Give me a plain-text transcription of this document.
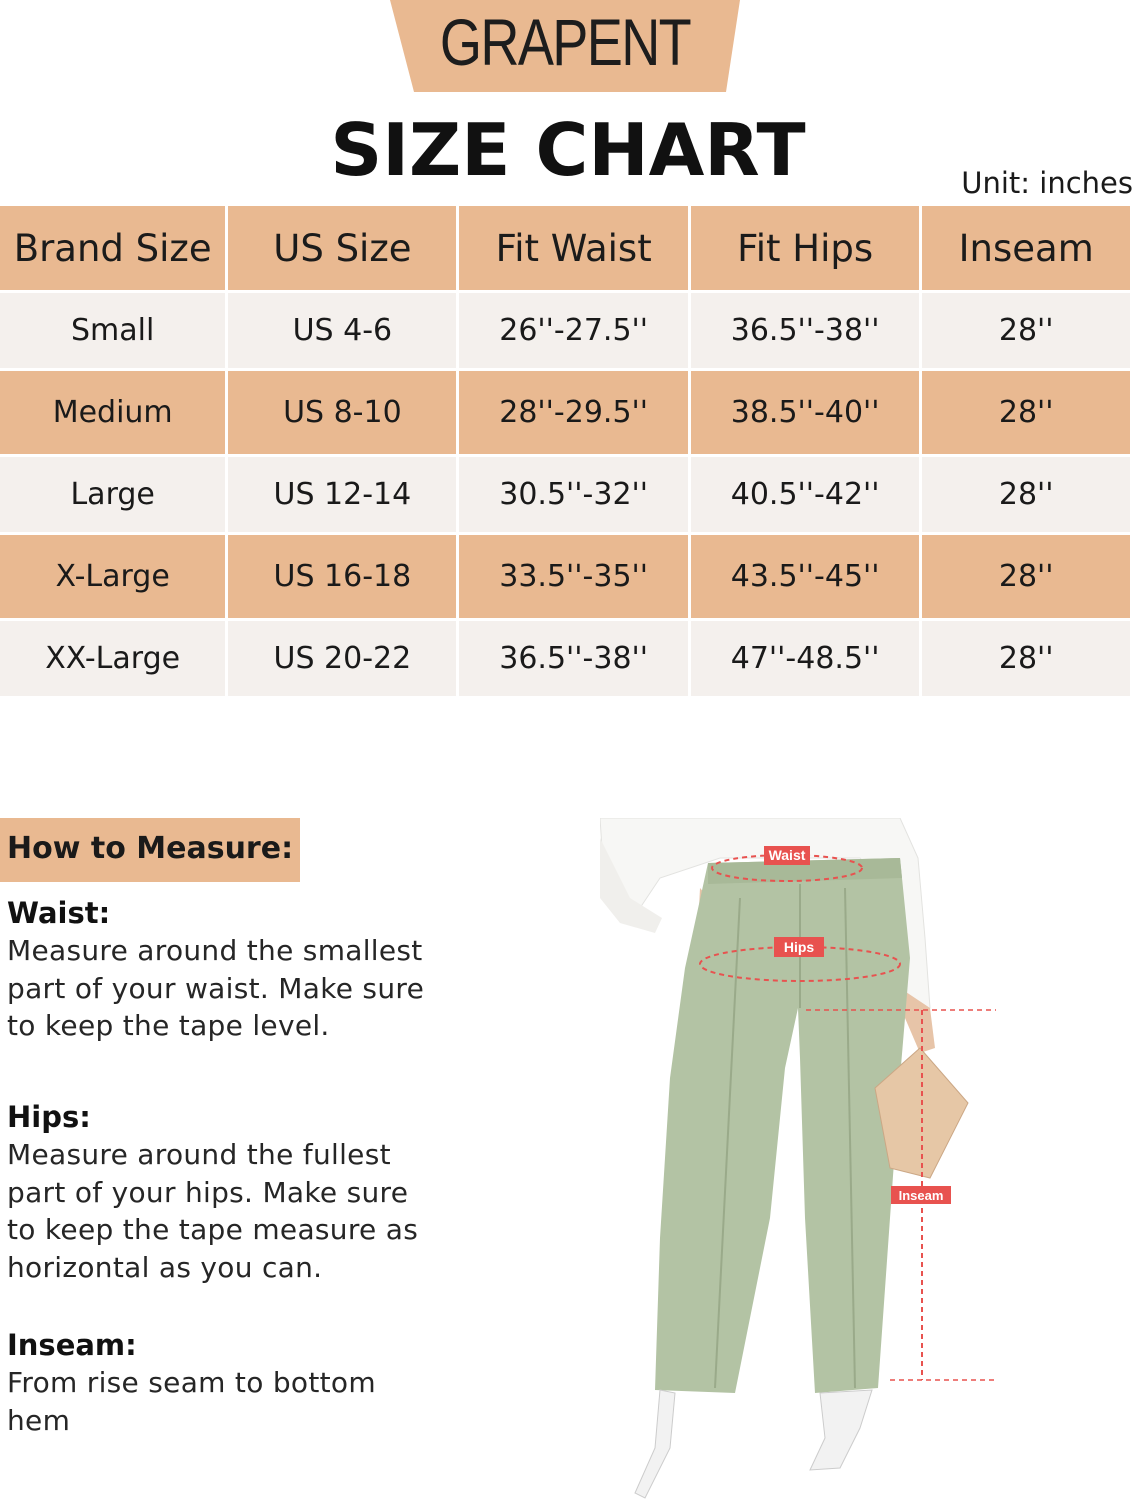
GRAPENT
SIZE CHART	Unit: inches
Brand Size	US Size	Fit Waist	Fit Hips	Inseam

Small	US 4-6	26''-27.5''	36.5''-38''	28''

Medium	US 8-10	28''-29.5''	38.5''-40''	28''

Large	US 12-14	30.5''-32''	40.5''-42''	28''

X-Large	US 16-18	33.5''-35''	43.5''-45''	28''

XX-Large	US 20-22	36.5''-38''	47''-48.5''	28''
How to Measure:
Waist:
Measure around the smallest
part of your waist. Make sure
to keep the tape level.
Hips:
Measure around the fullest
part of your hips. Make sure
to keep the tape measure as
horizontal as you can.
Inseam:
From rise seam to bottom
hem
Waist
Hips
Inseam
